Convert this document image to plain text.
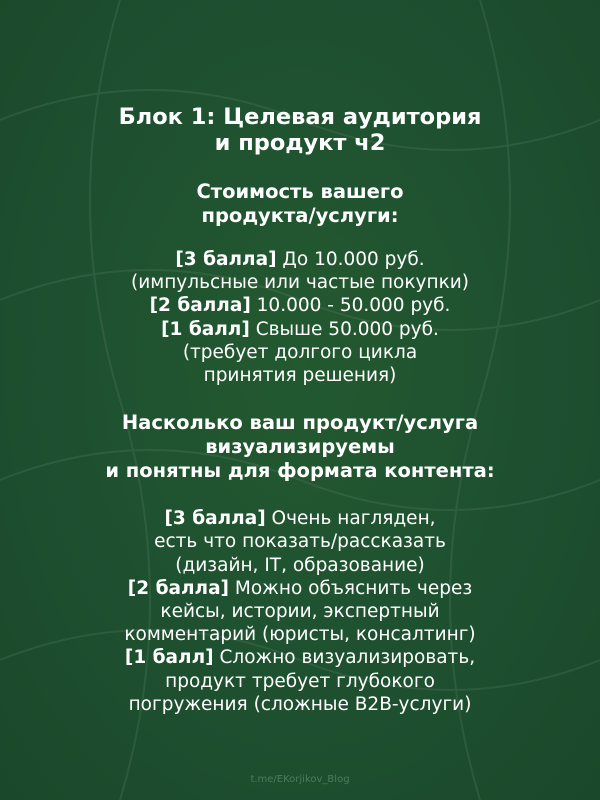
Блок 1: Целевая аудитория
и продукт ч2
Стоимость вашего
продукта/услуги:
[3 балла] До 10.000 руб.
(импульсные или частые покупки)
[2 балла] 10.000 - 50.000 руб.
[1 балл] Свыше 50.000 руб.
(требует долгого цикла
принятия решения)
Насколько ваш продукт/услуга
визуализируемы
и понятны для формата контента:
[3 балла] Очень нагляден,
есть что показать/рассказать
(дизайн, IT, образование)
[2 балла] Можно объяснить через
кейсы, истории, экспертный
комментарий (юристы, консалтинг)
[1 балл] Сложно визуализировать,
продукт требует глубокого
погружения (сложные B2B-услуги)
t.me/EKorjikov_Blog
